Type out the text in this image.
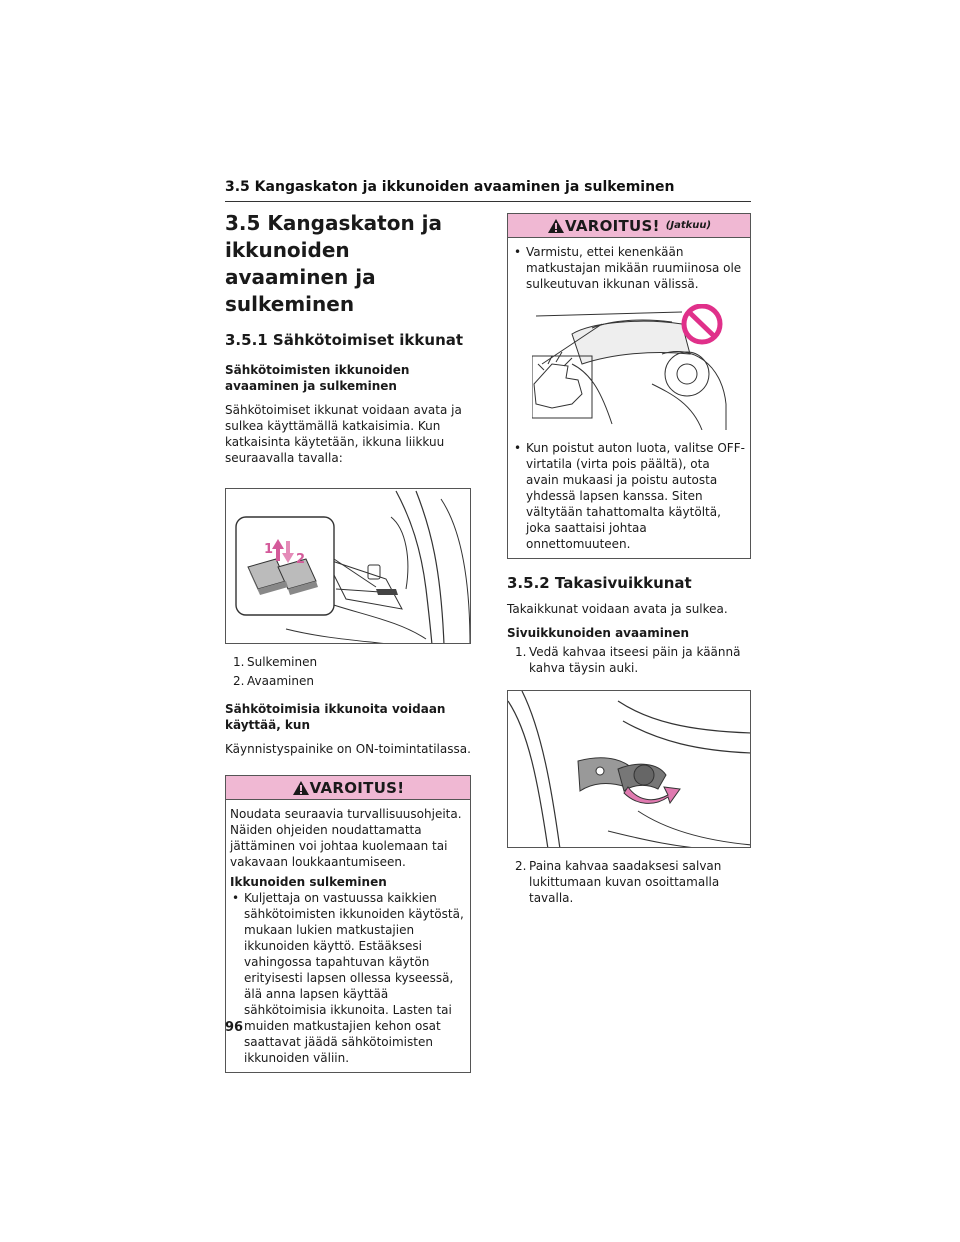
3.5 Kangaskaton ja ikkunoiden avaaminen ja sulkeminen
3.5 Kangaskaton ja ikkunoiden avaaminen ja sulkeminen
3.5.1 Sähkötoimiset ikkunat
Sähkötoimisten ikkunoiden avaaminen ja sulkeminen
Sähkötoimiset ikkunat voidaan avata ja sulkea käyttämällä katkaisimia. Kun katkaisinta käytetään, ikkuna liikkuu seuraavalla tavalla:
1
2
1. Sulkeminen
2. Avaaminen
Sähkötoimisia ikkunoita voidaan käyttää, kun
Käynnistyspainike on ON-toimintatilassa.
VAROITUS!
Noudata seuraavia turvallisuusohjeita. Näiden ohjeiden noudattamatta jättäminen voi johtaa kuolemaan tai vakavaan loukkaantumiseen.
Ikkunoiden sulkeminen
• Kuljettaja on vastuussa kaikkien sähkötoimisten ikkunoiden käytöstä, mukaan lukien matkustajien ikkunoiden käyttö. Estääksesi vahingossa tapahtuvan käytön erityisesti lapsen ollessa kyseessä, älä anna lapsen käyttää sähkötoimisia ikkunoita. Lasten tai muiden matkustajien kehon osat saattavat jäädä sähkötoimisten ikkunoiden väliin.
VAROITUS! (Jatkuu)
• Varmistu, ettei kenenkään matkustajan mikään ruumiinosa ole sulkeutuvan ikkunan välissä.
• Kun poistut auton luota, valitse OFF-virtatila (virta pois päältä), ota avain mukaasi ja poistu autosta yhdessä lapsen kanssa. Siten vältytään tahattomalta käytöltä, joka saattaisi johtaa onnettomuuteen.
3.5.2 Takasivuikkunat
Takaikkunat voidaan avata ja sulkea.
Sivuikkunoiden avaaminen
1. Vedä kahvaa itseesi päin ja käännä kahva täysin auki.
2. Paina kahvaa saadaksesi salvan lukittumaan kuvan osoittamalla tavalla.
96
